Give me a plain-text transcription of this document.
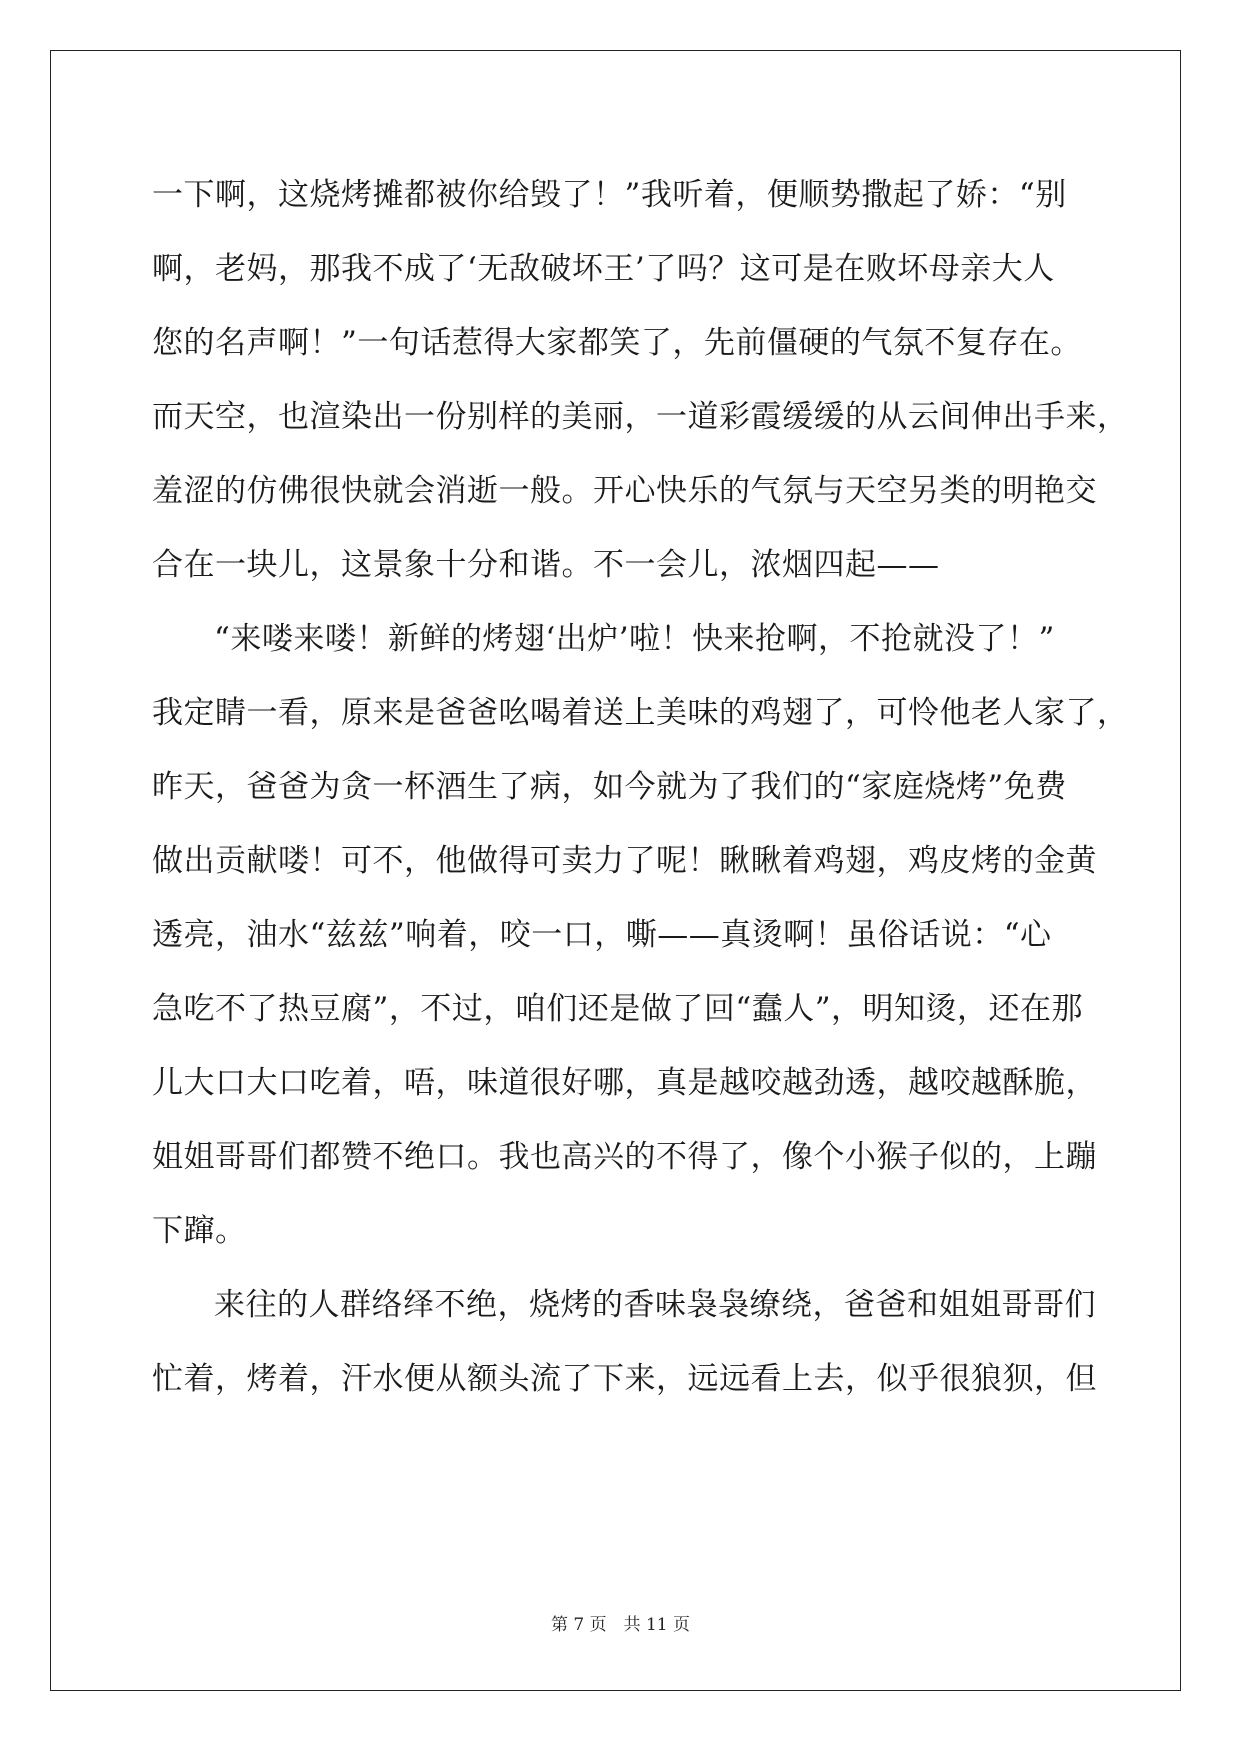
一下啊，这烧烤摊都被你给毁了！”我听着，便顺势撒起了娇：“别
啊，老妈，那我不成了‘无敌破坏王’了吗？这可是在败坏母亲大人
您的名声啊！”一句话惹得大家都笑了，先前僵硬的气氛不复存在。
而天空，也渲染出一份别样的美丽，一道彩霞缓缓的从云间伸出手来，
羞涩的仿佛很快就会消逝一般。开心快乐的气氛与天空另类的明艳交
合在一块儿，这景象十分和谐。不一会儿，浓烟四起——
“来喽来喽！新鲜的烤翅‘出炉’啦！快来抢啊，不抢就没了！”
我定睛一看，原来是爸爸吆喝着送上美味的鸡翅了，可怜他老人家了，
昨天，爸爸为贪一杯酒生了病，如今就为了我们的“家庭烧烤”免费
做出贡献喽！可不，他做得可卖力了呢！瞅瞅着鸡翅，鸡皮烤的金黄
透亮，油水“兹兹”响着，咬一口，嘶——真烫啊！虽俗话说：“心
急吃不了热豆腐”，不过，咱们还是做了回“蠢人”，明知烫，还在那
儿大口大口吃着，唔，味道很好哪，真是越咬越劲透，越咬越酥脆，
姐姐哥哥们都赞不绝口。我也高兴的不得了，像个小猴子似的，上蹦
下蹿。
来往的人群络绎不绝，烧烤的香味袅袅缭绕，爸爸和姐姐哥哥们
忙着，烤着，汗水便从额头流了下来，远远看上去，似乎很狼狈，但
第 7 页　共 11 页
